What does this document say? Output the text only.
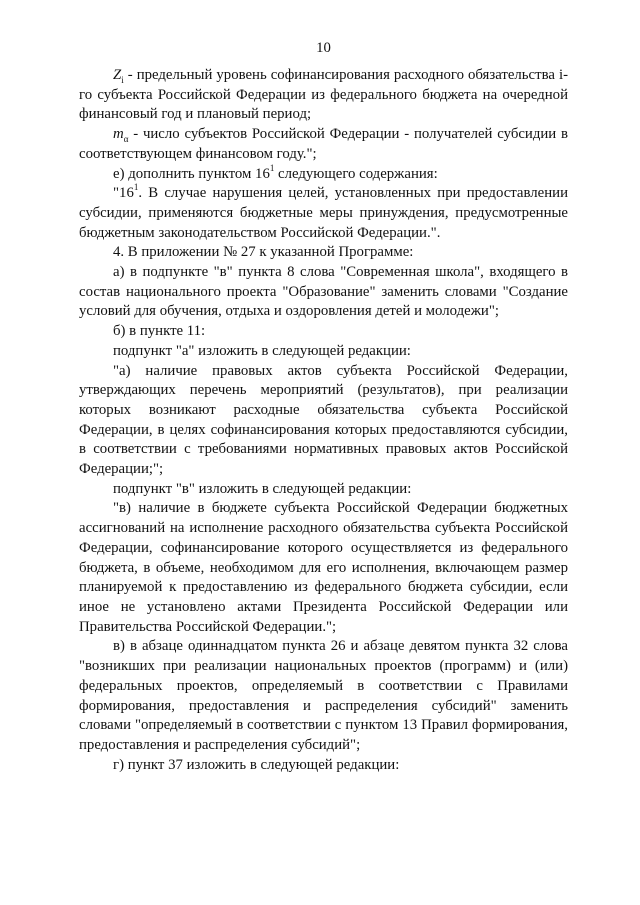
10

$Z_i$ - предельный уровень софинансирования расходного обязательства i-го субъекта Российской Федерации из федерального бюджета на очередной финансовый год и плановый период;

$m_\alpha$ - число субъектов Российской Федерации - получателей субсидии в соответствующем финансовом году.";

е) дополнить пунктом $16^1$ следующего содержания:

"$16^1$. В случае нарушения целей, установленных при предоставлении субсидии, применяются бюджетные меры принуждения, предусмотренные бюджетным законодательством Российской Федерации.".

4. В приложении № 27 к указанной Программе:

а) в подпункте "в" пункта 8 слова "Современная школа", входящего в состав национального проекта "Образование" заменить словами "Создание условий для обучения, отдыха и оздоровления детей и молодежи";

б) в пункте 11:

подпункт "а" изложить в следующей редакции:

"а) наличие правовых актов субъекта Российской Федерации, утверждающих перечень мероприятий (результатов), при реализации которых возникают расходные обязательства субъекта Российской Федерации, в целях софинансирования которых предоставляются субсидии, в соответствии с требованиями нормативных правовых актов Российской Федерации;";

подпункт "в" изложить в следующей редакции:

"в) наличие в бюджете субъекта Российской Федерации бюджетных ассигнований на исполнение расходного обязательства субъекта Российской Федерации, софинансирование которого осуществляется из федерального бюджета, в объеме, необходимом для его исполнения, включающем размер планируемой к предоставлению из федерального бюджета субсидии, если иное не установлено актами Президента Российской Федерации или Правительства Российской Федерации.";

в) в абзаце одиннадцатом пункта 26 и абзаце девятом пункта 32 слова "возникших при реализации национальных проектов (программ) и (или) федеральных проектов, определяемый в соответствии с Правилами формирования, предоставления и распределения субсидий" заменить словами "определяемый в соответствии с пунктом 13 Правил формирования, предоставления и распределения субсидий";

г) пункт 37 изложить в следующей редакции:
